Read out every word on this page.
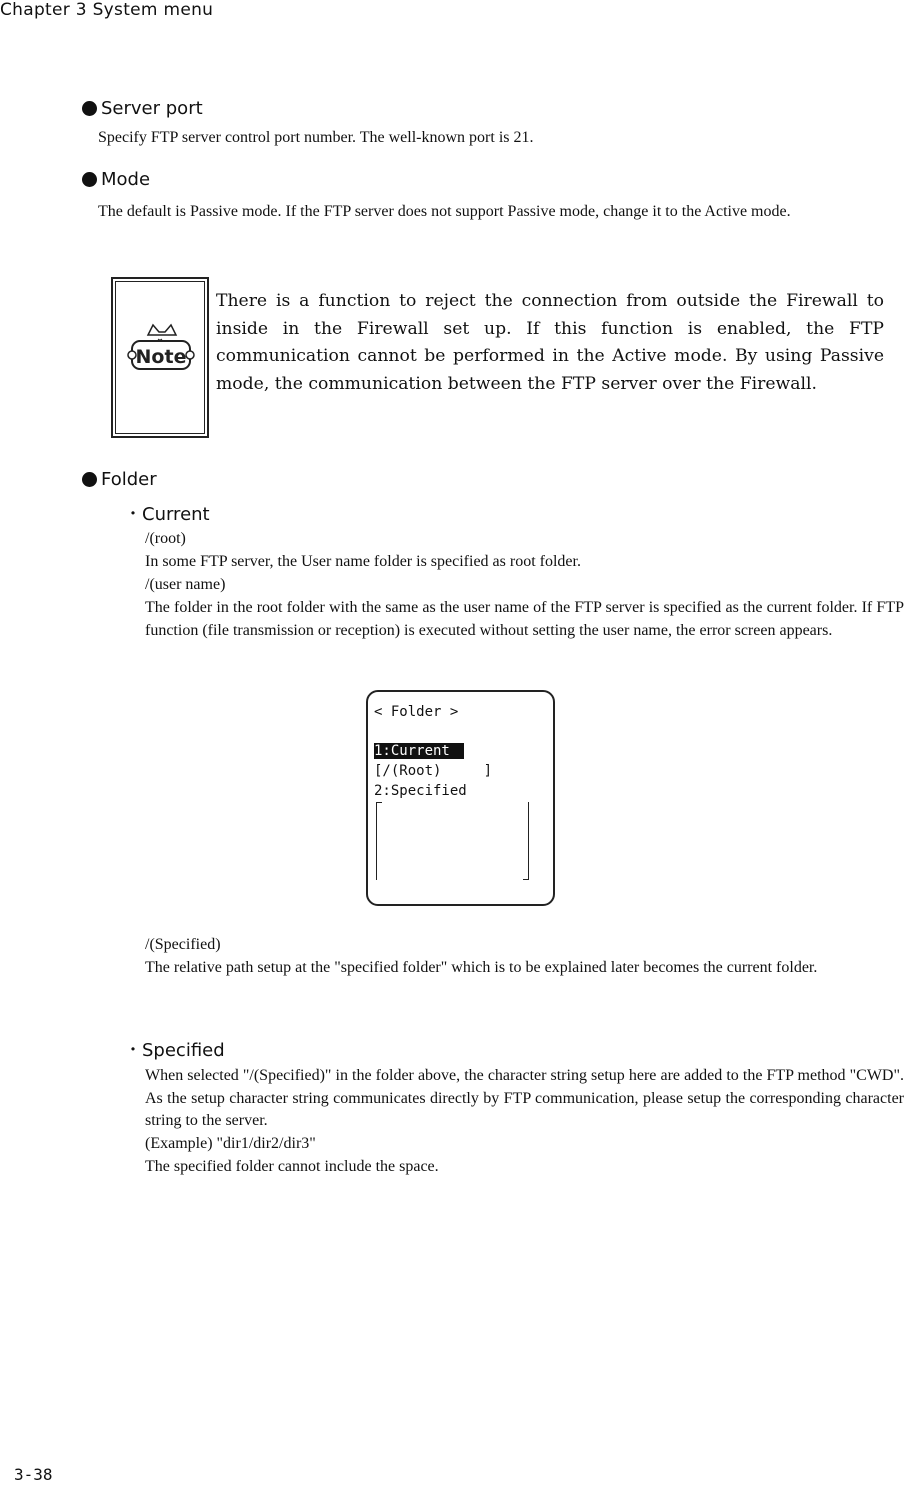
Chapter 3 System menu
Server port
Specify FTP server control port number. The well-known port is 21.
Mode
The default is Passive mode. If the FTP server does not support Passive mode, change it to the Active mode.
Note
There is a function to reject the connection from outside the Firewall to inside in the Firewall set up. If this function is enabled, the FTP communication cannot be performed in the Active mode. By using Passive mode, the communication between the FTP server over the Firewall.
Folder
・Current
/(root)
In some FTP server, the User name folder is specified as root folder.
/(user name)
The folder in the root folder with the same as the user name of the FTP server is specified as the current folder. If FTP function (file transmission or reception) is executed without setting the user name, the error screen appears.
< Folder >
1:Current
[/(Root)     ]
2:Specified
/(Specified)
The relative path setup at the "specified folder" which is to be explained later becomes the current folder.
・Specified
When selected "/(Specified)" in the folder above, the character string setup here are added to the FTP method "CWD". As the setup character string communicates directly by FTP communication, please setup the corresponding character string to the server.
(Example) "dir1/dir2/dir3"
The specified folder cannot include the space.
3-38
